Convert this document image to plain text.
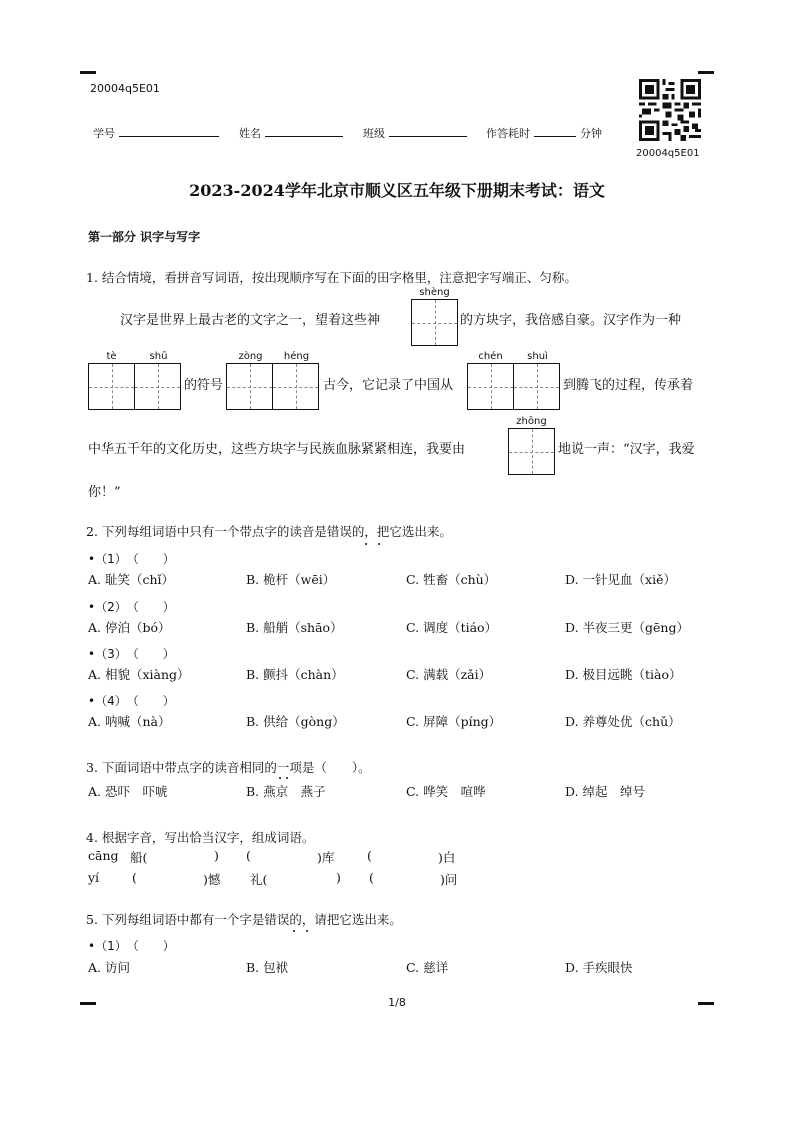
20004q5E01
学号	姓名	班级	作答耗时	分钟
20004q5E01
2023-2024学年北京市顺义区五年级下册期末考试：语文
第一部分 识字与写字
1. 结合情境，看拼音写词语，按出现顺序写在下面的田字格里，注意把字写端正、匀称。
汉字是世界上最古老的文字之一，望着这些神
shèng
的方块字，我倍感自豪。汉字作为一种
tè	shū
的符号
zòng	héng
古今，它记录了中国从
chén	shuì
到腾飞的过程，传承着
中华五千年的文化历史，这些方块字与民族血脉紧紧相连，我要由
zhōng
地说一声：“汉字，我爱
你！”
2. 下列每组词语中只有一个带点字的读音是错误的，把它选出来。
•（1）　（　　）
A. 耻笑（chǐ）	B. 桅杆（wēi）	C. 牲畜（chù）	D. 一针见血（xiě）
•（2）　（　　）
A. 停泊（bó）	B. 船艄（shāo）	C. 调度（tiáo）	D. 半夜三更（gēng）
•（3）　（　　）
A. 相貌（xiàng）	B. 颤抖（chàn）	C. 满载（zǎi）	D. 极目远眺（tiào）
•（4）　（　　）
A. 呐喊（nà）	B. 供给（gòng）	C. 屏障（píng）	D. 养尊处优（chǔ）
3. 下面词语中带点字的读音相同的一项是（　　）。
A. 恐吓　吓唬	B. 燕京　燕子	C. 哗笑　喧哗	D. 绰起　绰号
4. 根据字音，写出恰当汉字，组成词语。
cāng 船(	) (	)库	(	)白
yí	(	)憾 礼(	) (	)问
5. 下列每组词语中都有一个字是错误的，请把它选出来。
•（1）　（　　）
A. 访问	B. 包袱	C. 慈详	D. 手疾眼快
1/8
